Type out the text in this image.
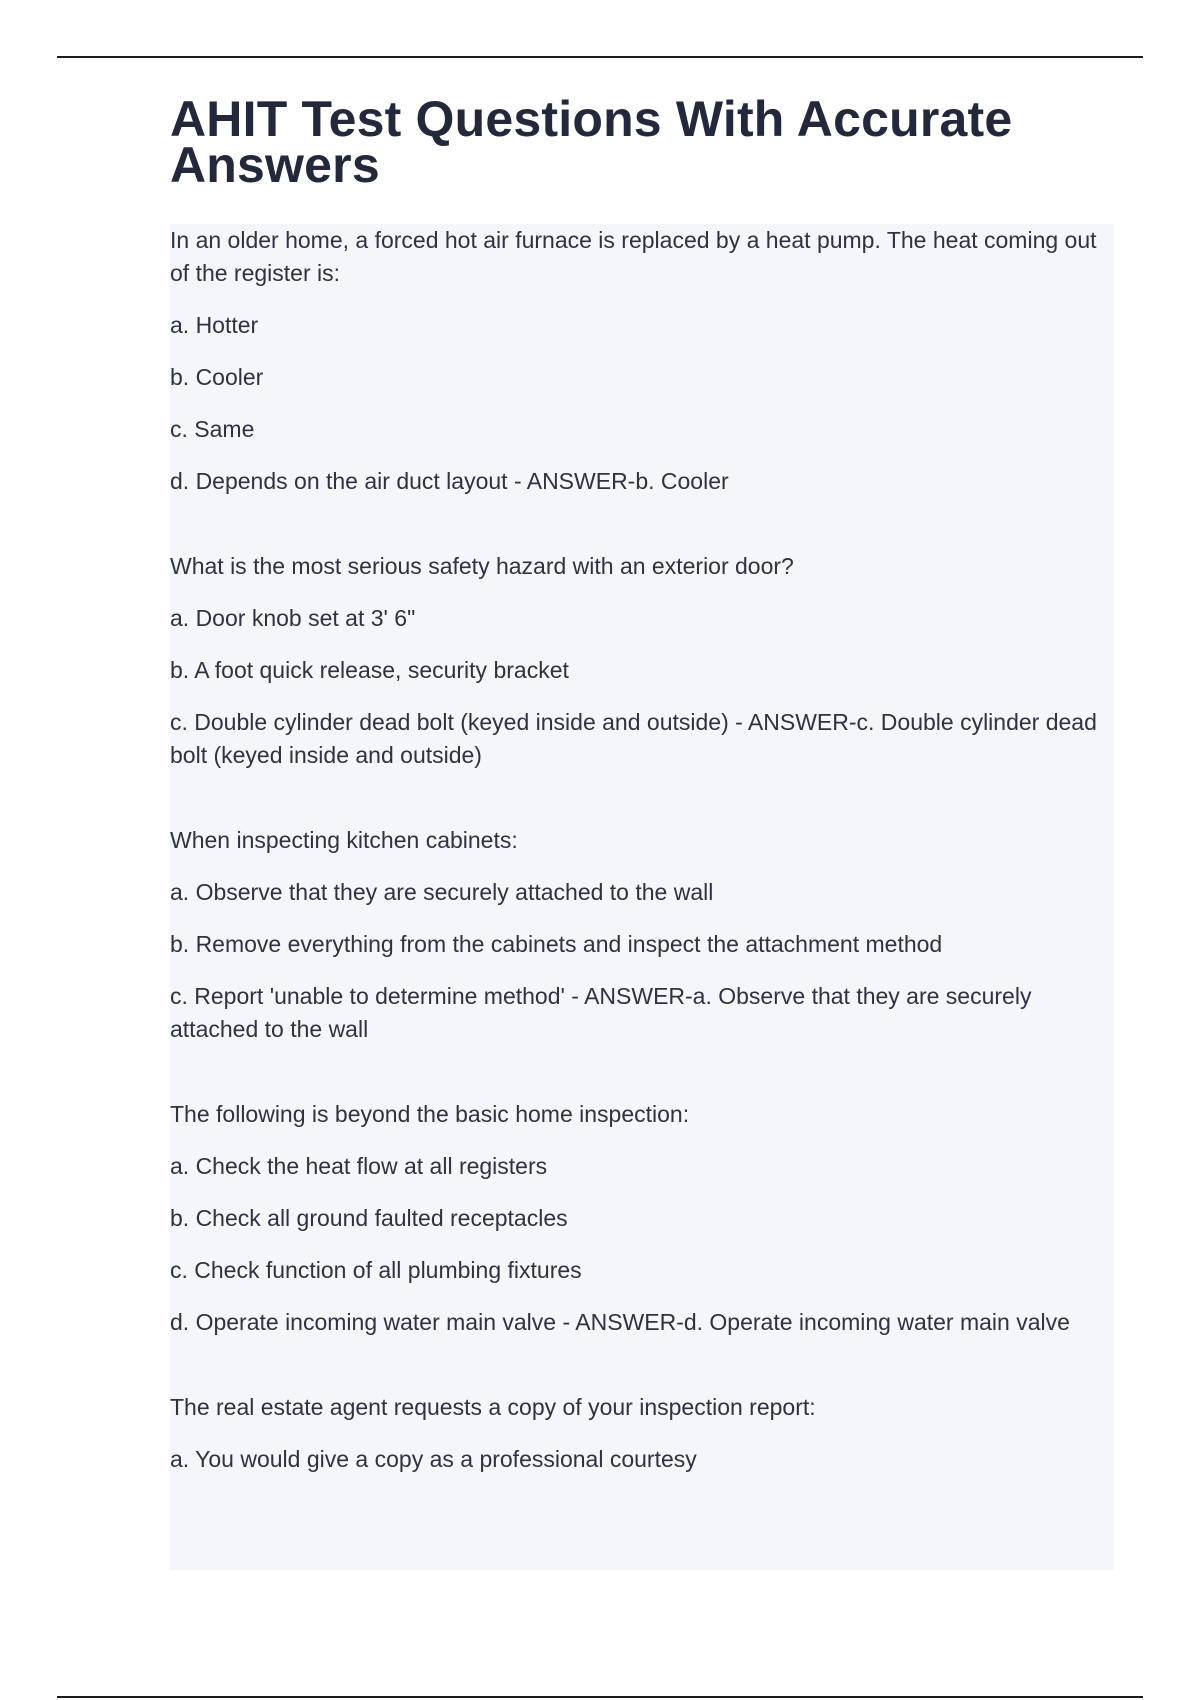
AHIT Test Questions With Accurate Answers

In an older home, a forced hot air furnace is replaced by a heat pump. The heat coming out of the register is:

a. Hotter

b. Cooler

c. Same

d. Depends on the air duct layout - ANSWER-b. Cooler

What is the most serious safety hazard with an exterior door?

a. Door knob set at 3' 6"

b. A foot quick release, security bracket

c. Double cylinder dead bolt (keyed inside and outside) - ANSWER-c. Double cylinder dead bolt (keyed inside and outside)

When inspecting kitchen cabinets:

a. Observe that they are securely attached to the wall

b. Remove everything from the cabinets and inspect the attachment method

c. Report 'unable to determine method' - ANSWER-a. Observe that they are securely attached to the wall

The following is beyond the basic home inspection:

a. Check the heat flow at all registers

b. Check all ground faulted receptacles

c. Check function of all plumbing fixtures

d. Operate incoming water main valve - ANSWER-d. Operate incoming water main valve

The real estate agent requests a copy of your inspection report:

a. You would give a copy as a professional courtesy
